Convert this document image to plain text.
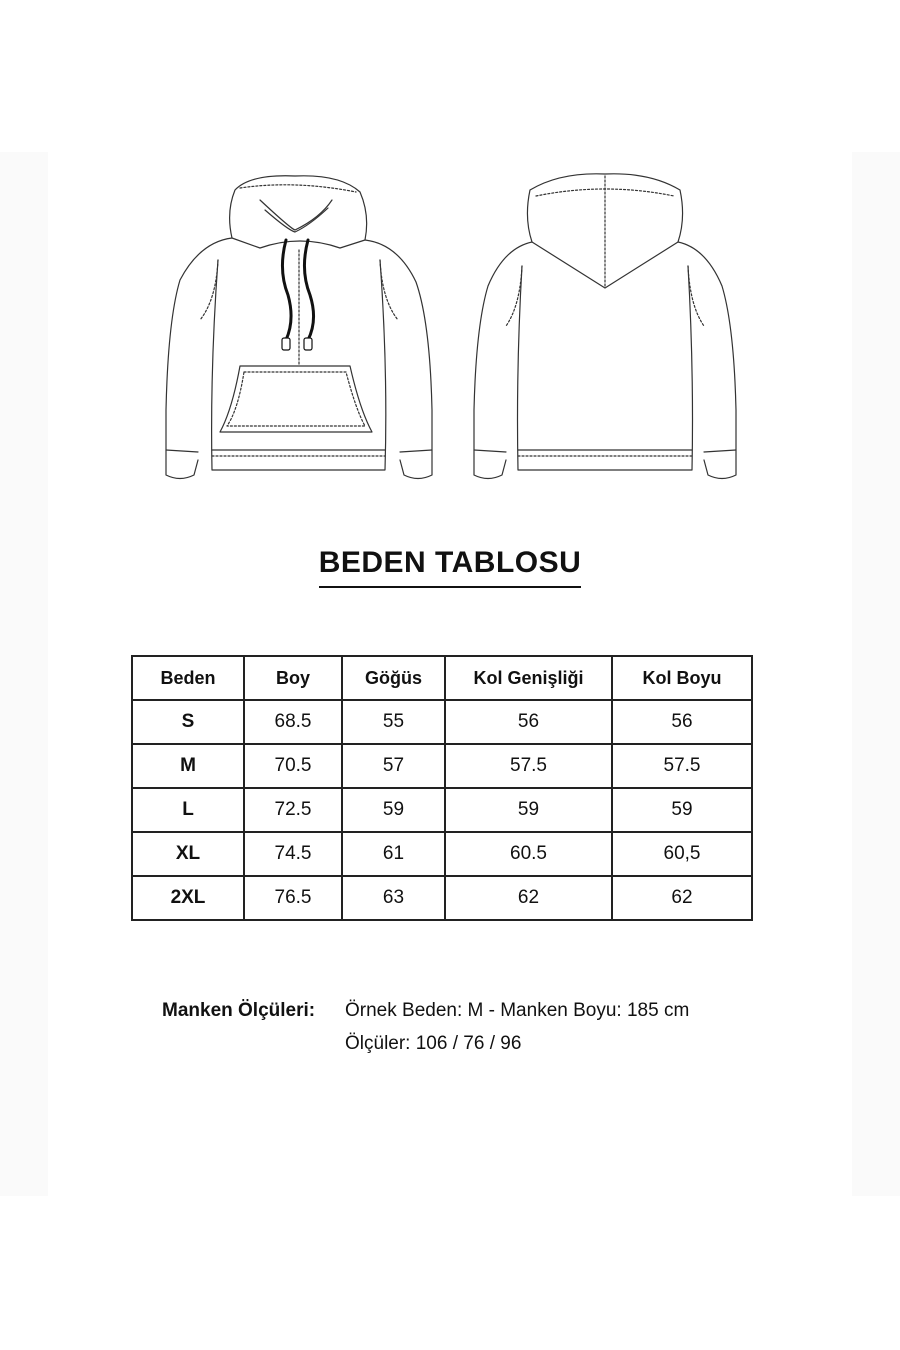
BEDEN TABLOSU
Beden	Boy	Göğüs	Kol Genişliği	Kol Boyu
S	68.5	55	56	56
M	70.5	57	57.5	57.5
L	72.5	59	59	59
XL	74.5	61	60.5	60,5
2XL	76.5	63	62	62
Manken Ölçüleri: Örnek Beden: M - Manken Boyu: 185 cm
Ölçüler: 106 / 76 / 96
